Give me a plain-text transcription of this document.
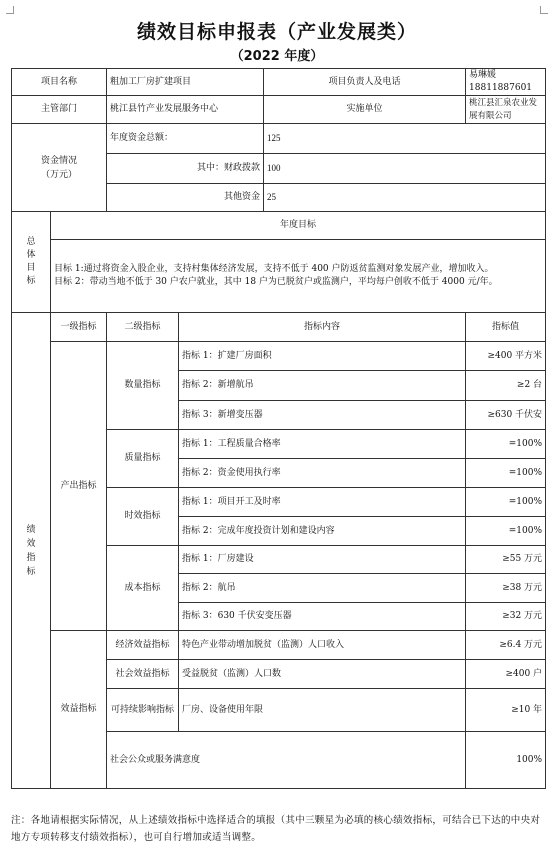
绩效目标申报表（产业发展类）
（2022 年度）
项目名称		粗加工厂房扩建项目		项目负责人及电话	易琳媛 18811887601
主管部门		桃江县竹产业发展服务中心		实施单位	桃江县汇泉农业发展有限公司
资金情况
（万元）		年度资金总额：		125	
		其中：财政拨款		100	
		其他资金		25	
总体目标	年度目标				

	目标 1:通过将资金入股企业，支持村集体经济发展，支持不低于 400 户防返贫监测对象发展产业，增加收入。
目标 2：带动当地不低于 30 户农户就业，其中 18 户为已脱贫户或监测户，平均每户创收不低于 4000 元/年。				

绩效指标	一级指标	二级指标	指标内容		指标值
	产出指标	数量指标	指标 1：扩建厂房面积		≥400 平方米
			指标 2：新增航吊		≥2 台
			指标 3：新增变压器		≥630 千伏安
		质量指标	指标 1：工程质量合格率		=100%
			指标 2：资金使用执行率		=100%
		时效指标	指标 1：项目开工及时率		=100%
			指标 2：完成年度投资计划和建设内容		=100%
		成本指标	指标 1：厂房建设		≥55 万元
			指标 2：航吊		≥38 万元
			指标 3：630 千伏安变压器		≥32 万元
	效益指标	经济效益指标	特色产业带动增加脱贫（监测）人口收入		≥6.4 万元
		社会效益指标	受益脱贫（监测）人口数		≥400 户
		可持续影响指标	厂房、设备使用年限		≥10 年
		社会公众或服务满意度			100%
注：各地请根据实际情况，从上述绩效指标中选择适合的填报（其中三颗星为必填的核心绩效指标，可结合已下达的中央对地方专项转移支付绩效指标），也可自行增加或适当调整。
